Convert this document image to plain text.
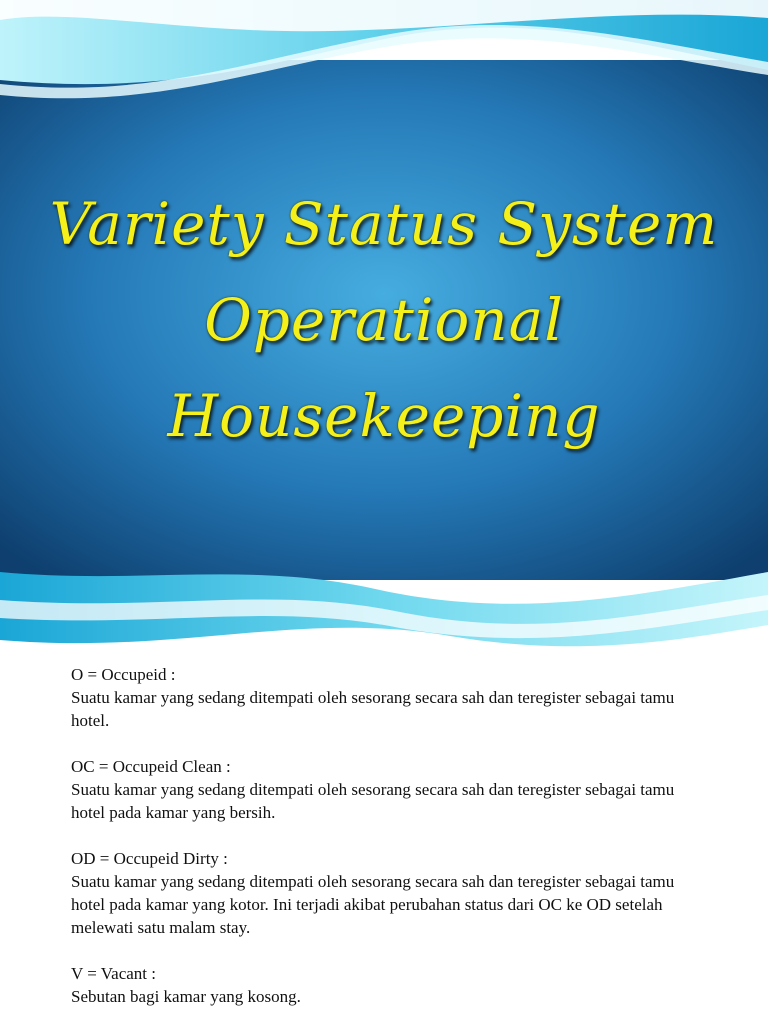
Variety Status System
Operational
Housekeeping
O = Occupeid :
Suatu kamar yang sedang ditempati oleh sesorang secara sah dan teregister sebagai tamu hotel.
OC = Occupeid Clean :
Suatu kamar yang sedang ditempati oleh sesorang secara sah dan teregister sebagai tamu hotel pada kamar yang bersih.
OD = Occupeid Dirty :
Suatu kamar yang sedang ditempati oleh sesorang secara sah dan teregister sebagai tamu hotel pada kamar yang kotor. Ini terjadi akibat perubahan status dari OC ke OD setelah melewati satu malam stay.
V = Vacant :
Sebutan bagi kamar yang kosong.
